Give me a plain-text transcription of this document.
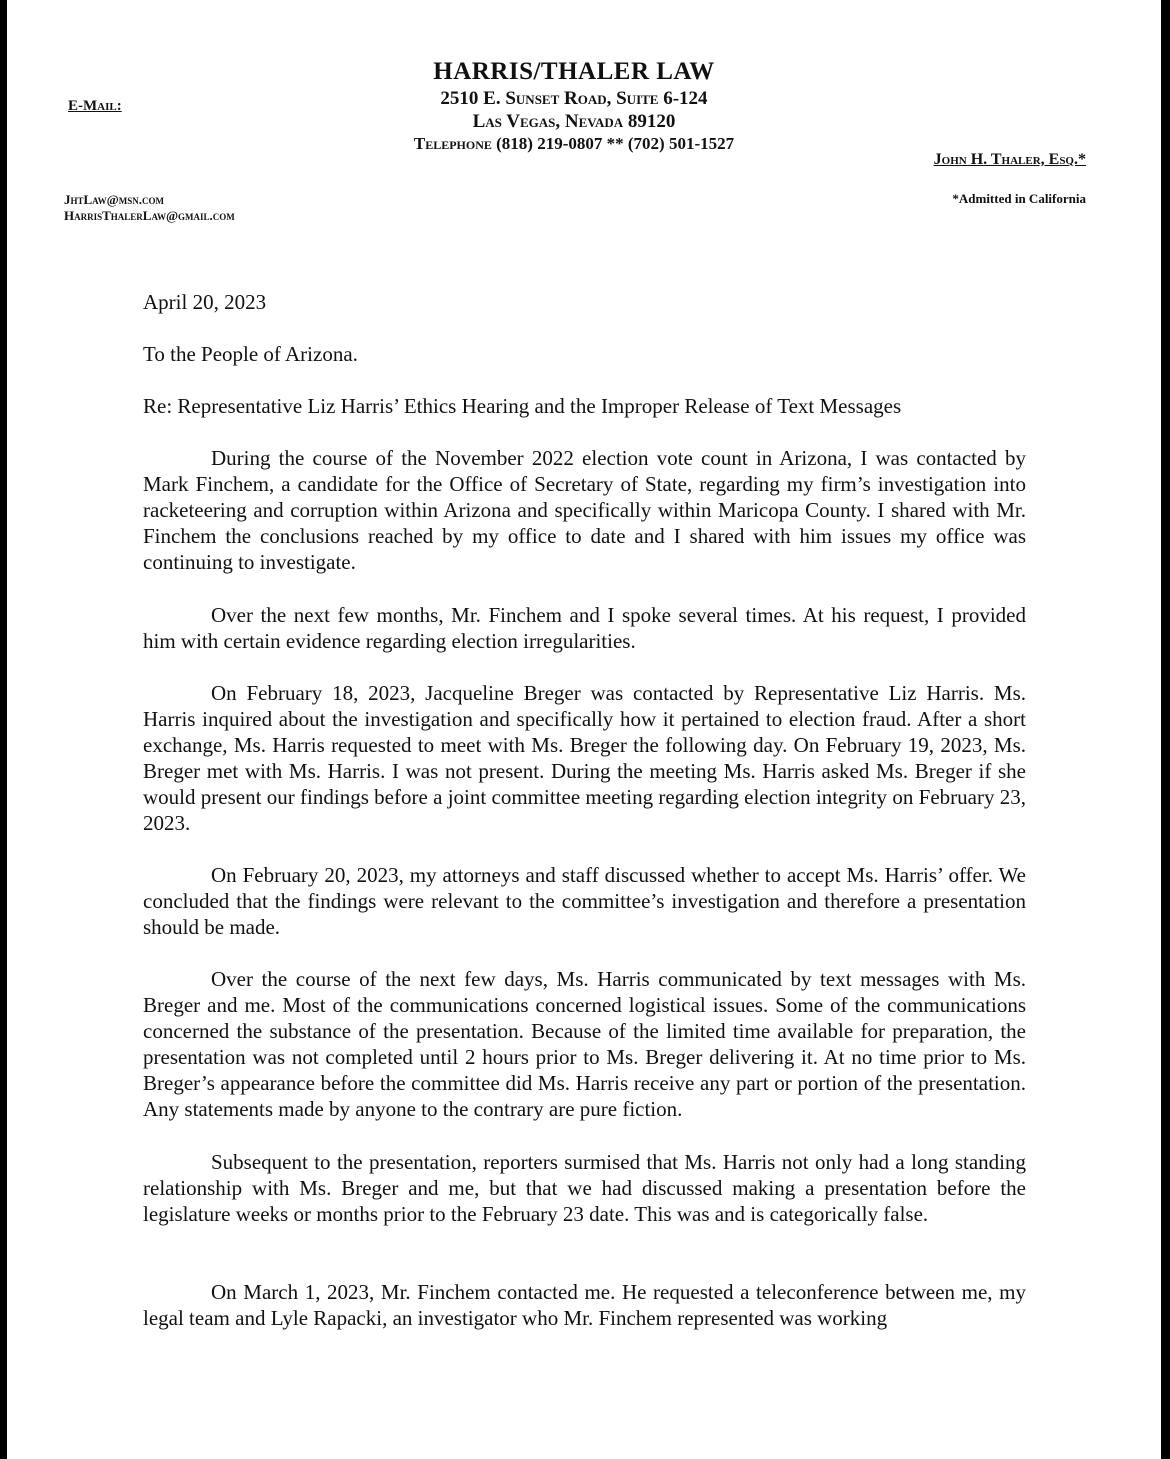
HARRIS/THALER LAW
2510 E. Sunset Road, Suite 6-124
Las Vegas, Nevada 89120
Telephone (818) 219-0807 ** (702) 501-1527
E-Mail:
John H. Thaler, Esq.*
*Admitted in California
JhtLaw@msn.com
HarrisThalerLaw@gmail.com
April 20, 2023
To the People of Arizona.
Re: Representative Liz Harris’ Ethics Hearing and the Improper Release of Text Messages

During the course of the November 2022 election vote count in Arizona, I was contacted by Mark Finchem, a candidate for the Office of Secretary of State, regarding my firm’s investigation into racketeering and corruption within Arizona and specifically within Maricopa County. I shared with Mr. Finchem the conclusions reached by my office to date and I shared with him issues my office was continuing to investigate.

Over the next few months, Mr. Finchem and I spoke several times. At his request, I provided him with certain evidence regarding election irregularities.

On February 18, 2023, Jacqueline Breger was contacted by Representative Liz Harris. Ms. Harris inquired about the investigation and specifically how it pertained to election fraud. After a short exchange, Ms. Harris requested to meet with Ms. Breger the following day. On February 19, 2023, Ms. Breger met with Ms. Harris. I was not present. During the meeting Ms. Harris asked Ms. Breger if she would present our findings before a joint committee meeting regarding election integrity on February 23, 2023.

On February 20, 2023, my attorneys and staff discussed whether to accept Ms. Harris’ offer. We concluded that the findings were relevant to the committee’s investigation and therefore a presentation should be made.

Over the course of the next few days, Ms. Harris communicated by text messages with Ms. Breger and me. Most of the communications concerned logistical issues. Some of the communications concerned the substance of the presentation. Because of the limited time available for preparation, the presentation was not completed until 2 hours prior to Ms. Breger delivering it. At no time prior to Ms. Breger’s appearance before the committee did Ms. Harris receive any part or portion of the presentation. Any statements made by anyone to the contrary are pure fiction.

Subsequent to the presentation, reporters surmised that Ms. Harris not only had a long standing relationship with Ms. Breger and me, but that we had discussed making a presentation before the legislature weeks or months prior to the February 23 date. This was and is categorically false.

On March 1, 2023, Mr. Finchem contacted me. He requested a teleconference between me, my legal team and Lyle Rapacki, an investigator who Mr. Finchem represented was working
